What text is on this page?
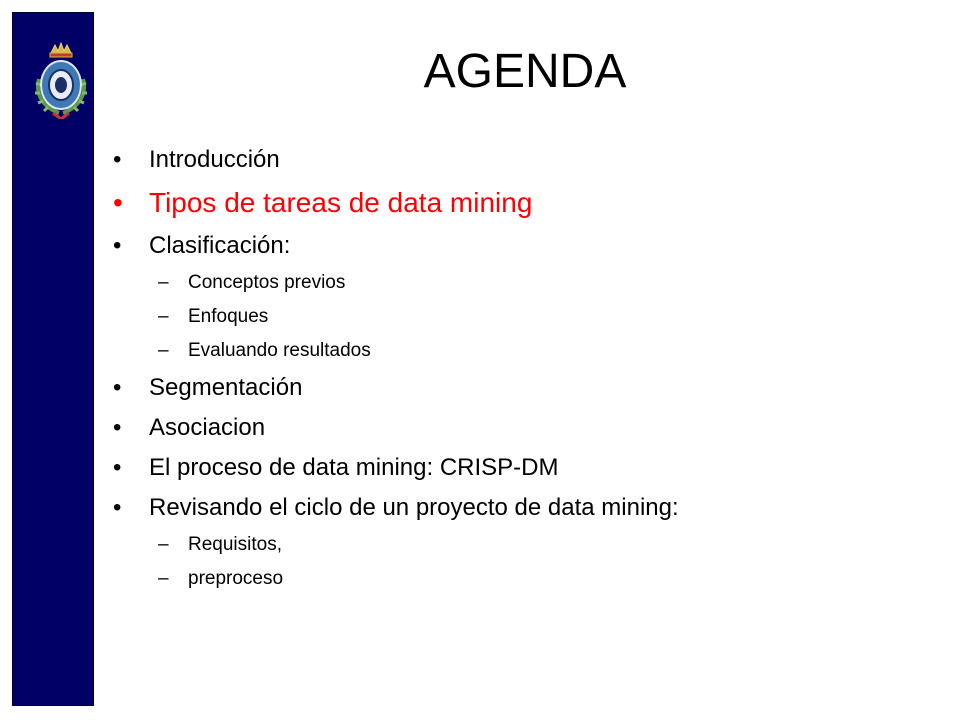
AGENDA
• Introducción
• Tipos de tareas de data mining
• Clasificación:
– Conceptos previos
– Enfoques
– Evaluando resultados
• Segmentación
• Asociacion
• El proceso de data mining: CRISP-DM
• Revisando el ciclo de un proyecto de data mining:
– Requisitos,
– preproceso
